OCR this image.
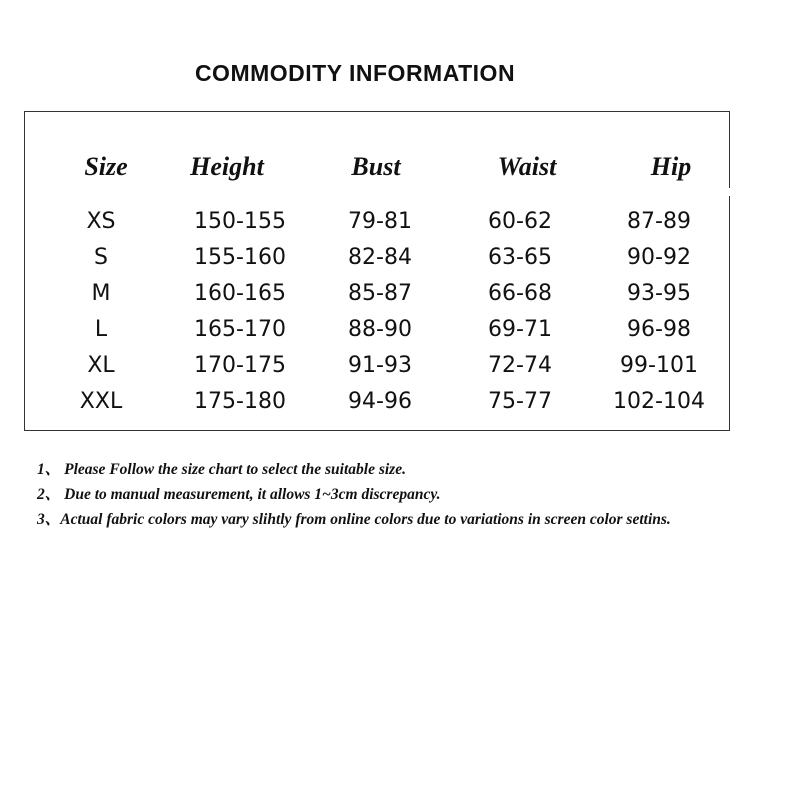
COMMODITY INFORMATION
Size Height	Bust	Waist	Hip
XS	150-155	79-81	60-62	87-89
S	155-160	82-84	63-65	90-92
M	160-165	85-87	66-68	93-95
L	165-170	88-90	69-71	96-98
XL	170-175	91-93	72-74	99-101
XXL	175-180	94-96	75-77	102-104

1、 Please Follow the size chart to select the suitable size.

2、 Due to manual measurement, it allows 1~3cm discrepancy.

3、Actual fabric colors may vary slihtly from online colors due to variations in screen color settins.
